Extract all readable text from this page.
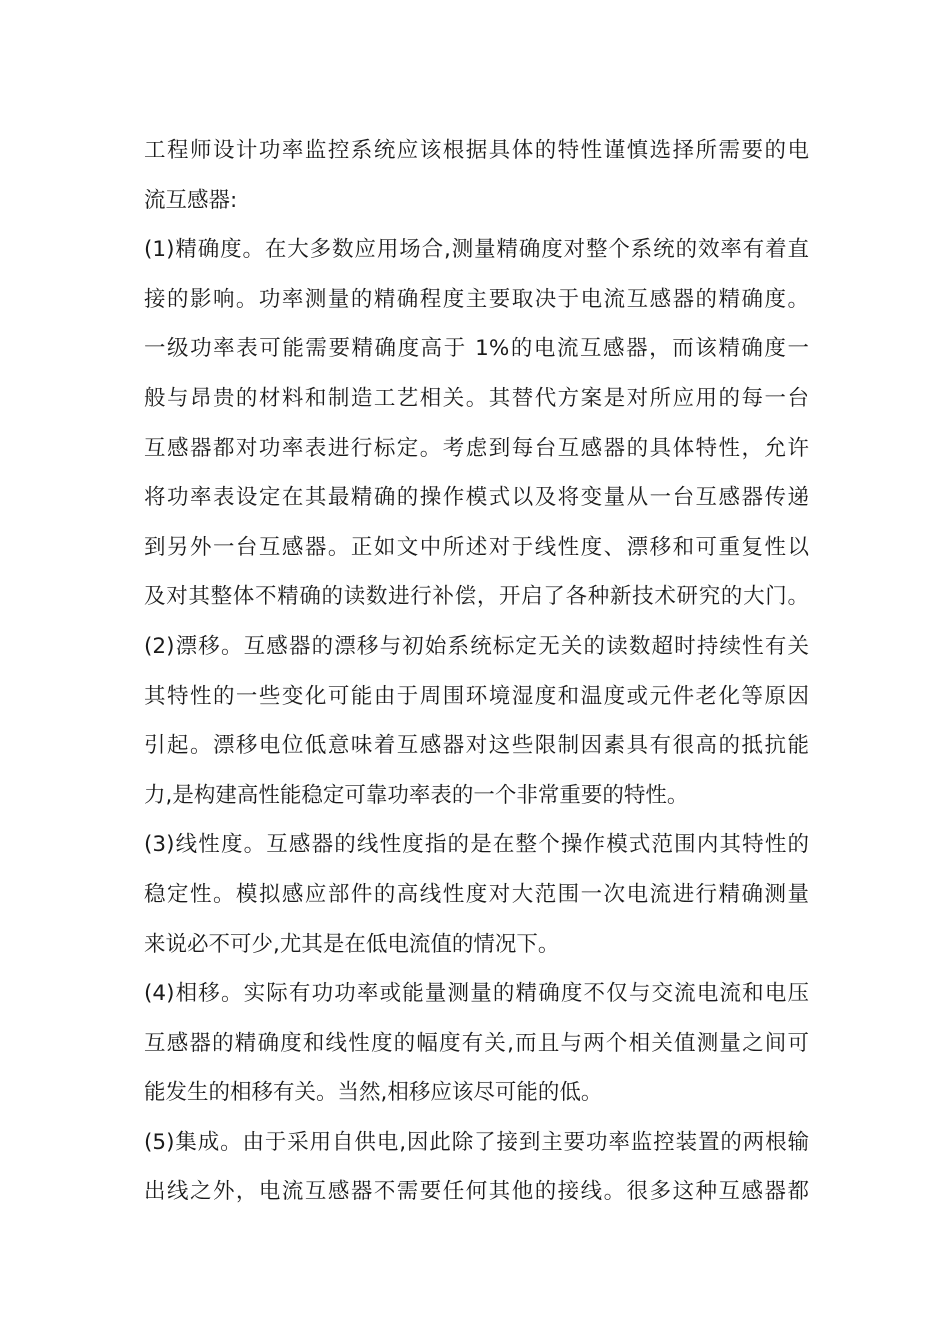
工程师设计功率监控系统应该根据具体的特性谨慎选择所需要的电
流互感器:
(1)精确度。在大多数应用场合,测量精确度对整个系统的效率有着直
接的影响。功率测量的精确程度主要取决于电流互感器的精确度。
一级功率表可能需要精确度高于 1%的电流互感器，而该精确度一
般与昂贵的材料和制造工艺相关。其替代方案是对所应用的每一台
互感器都对功率表进行标定。考虑到每台互感器的具体特性，允许
将功率表设定在其最精确的操作模式以及将变量从一台互感器传递
到另外一台互感器。正如文中所述对于线性度、漂移和可重复性以
及对其整体不精确的读数进行补偿，开启了各种新技术研究的大门。
(2)漂移。互感器的漂移与初始系统标定无关的读数超时持续性有关
其特性的一些变化可能由于周围环境湿度和温度或元件老化等原因
引起。漂移电位低意味着互感器对这些限制因素具有很高的抵抗能
力,是构建高性能稳定可靠功率表的一个非常重要的特性。
(3)线性度。互感器的线性度指的是在整个操作模式范围内其特性的
稳定性。模拟感应部件的高线性度对大范围一次电流进行精确测量
来说必不可少,尤其是在低电流值的情况下。
(4)相移。实际有功功率或能量测量的精确度不仅与交流电流和电压
互感器的精确度和线性度的幅度有关,而且与两个相关值测量之间可
能发生的相移有关。当然,相移应该尽可能的低。
(5)集成。由于采用自供电,因此除了接到主要功率监控装置的两根输
出线之外，电流互感器不需要任何其他的接线。很多这种互感器都
